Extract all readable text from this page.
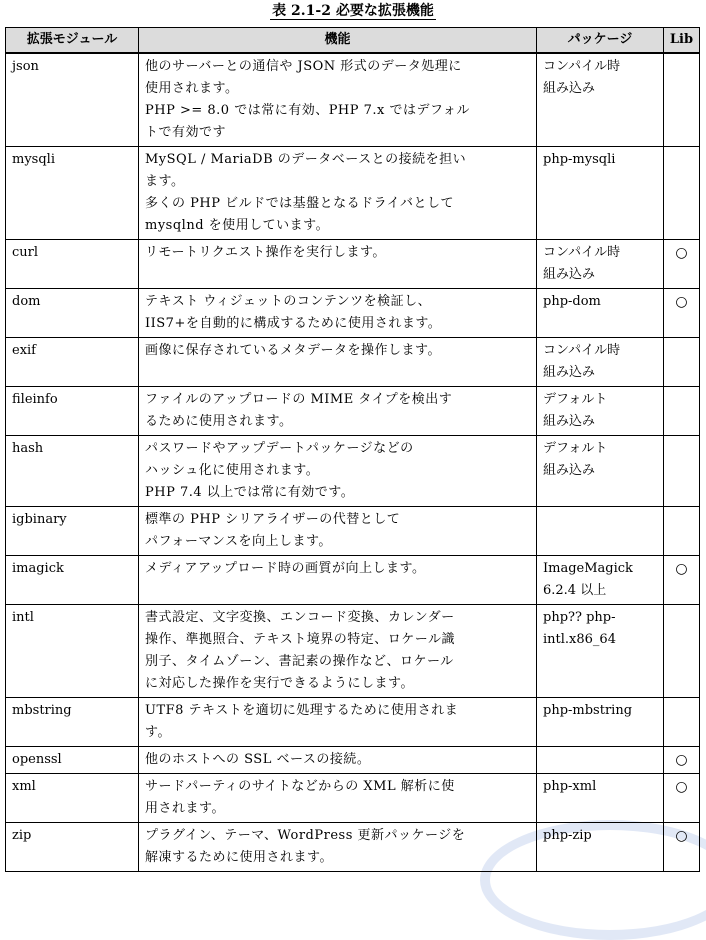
表 2.1-2 必要な拡張機能
拡張モジュール	機能	パッケージ	Lib
json	他のサーバーとの通信や JSON 形式のデータ処理に
使用されます。
PHP >= 8.0 では常に有効、PHP 7.x ではデフォル
トで有効です	コンパイル時
組み込み	

mysqli	MySQL / MariaDB のデータベースとの接続を担い
ます。
多くの PHP ビルドでは基盤となるドライバとして
mysqlnd を使用しています。	php-mysqli	

curl	リモートリクエスト操作を実行します。	コンパイル時
組み込み	○
dom	テキスト ウィジェットのコンテンツを検証し、
IIS7+を自動的に構成するために使用されます。	php-dom	○
exif	画像に保存されているメタデータを操作します。	コンパイル時
組み込み	

fileinfo	ファイルのアップロードの MIME タイプを検出す
るために使用されます。	デフォルト
組み込み	

hash	パスワードやアップデートパッケージなどの
ハッシュ化に使用されます。
PHP 7.4 以上では常に有効です。	デフォルト
組み込み	

igbinary	標準の PHP シリアライザーの代替として
パフォーマンスを向上します。		

imagick	メディアアップロード時の画質が向上します。	ImageMagick
6.2.4 以上	○
intl	書式設定、文字変換、エンコード変換、カレンダー
操作、準拠照合、テキスト境界の特定、ロケール識
別子、タイムゾーン、書記素の操作など、ロケール
に対応した操作を実行できるようにします。	php?? php-
intl.x86_64	

mbstring	UTF8 テキストを適切に処理するために使用されま
す。	php-mbstring	

openssl	他のホストへの SSL ベースの接続。		○
xml	サードパーティのサイトなどからの XML 解析に使
用されます。	php-xml	○
zip	プラグイン、テーマ、WordPress 更新パッケージを
解凍するために使用されます。	php-zip	○
